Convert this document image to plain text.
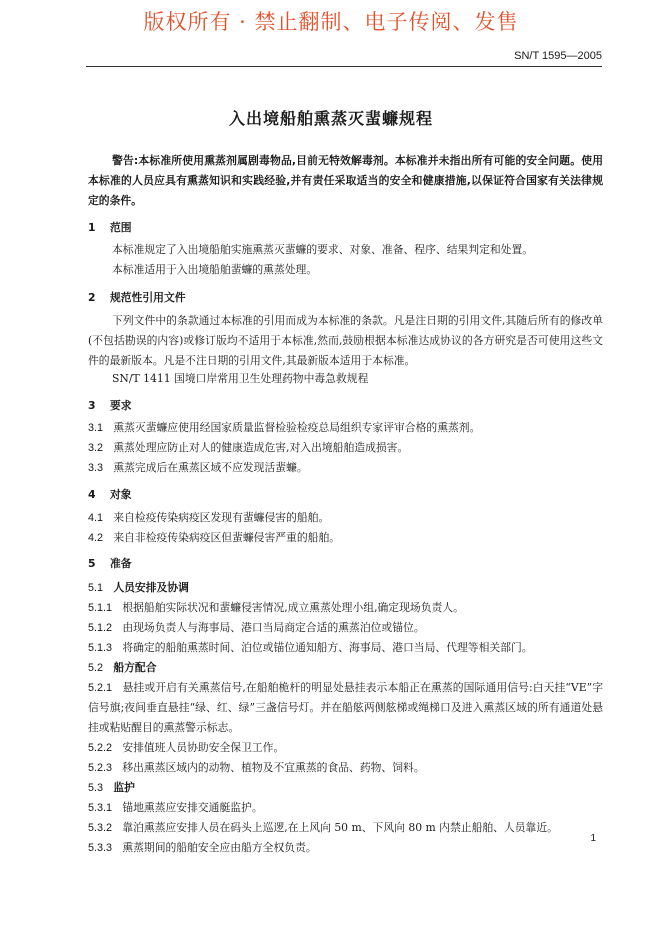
版权所有 · 禁止翻制、电子传阅、发售
SN/T 1595—2005
入出境船舶熏蒸灭蜚蠊规程
警告:本标准所使用熏蒸剂属剧毒物品,目前无特效解毒剂。本标准并未指出所有可能的安全问题。使用本标准的人员应具有熏蒸知识和实践经验,并有责任采取适当的安全和健康措施,以保证符合国家有关法律规定的条件。
1 范围
本标准规定了入出境船舶实施熏蒸灭蜚蠊的要求、对象、准备、程序、结果判定和处置。
本标准适用于入出境船舶蜚蠊的熏蒸处理。
2 规范性引用文件
下列文件中的条款通过本标准的引用而成为本标准的条款。凡是注日期的引用文件,其随后所有的修改单(不包括勘误的内容)或修订版均不适用于本标准,然而,鼓励根据本标准达成协议的各方研究是否可使用这些文件的最新版本。凡是不注日期的引用文件,其最新版本适用于本标准。
SN/T 1411 国境口岸常用卫生处理药物中毒急救规程
3 要求
3.1 熏蒸灭蜚蠊应使用经国家质量监督检验检疫总局组织专家评审合格的熏蒸剂。
3.2 熏蒸处理应防止对人的健康造成危害,对入出境船舶造成损害。
3.3 熏蒸完成后在熏蒸区域不应发现活蜚蠊。
4 对象
4.1 来自检疫传染病疫区发现有蜚蠊侵害的船舶。
4.2 来自非检疫传染病疫区但蜚蠊侵害严重的船舶。
5 准备
5.1 人员安排及协调
5.1.1 根据船舶实际状况和蜚蠊侵害情况,成立熏蒸处理小组,确定现场负责人。
5.1.2 由现场负责人与海事局、港口当局商定合适的熏蒸泊位或锚位。
5.1.3 将确定的船舶熏蒸时间、泊位或锚位通知船方、海事局、港口当局、代理等相关部门。
5.2 船方配合
5.2.1 悬挂或开启有关熏蒸信号,在船舶桅杆的明显处悬挂表示本船正在熏蒸的国际通用信号:白天挂“VE”字信号旗;夜间垂直悬挂“绿、红、绿”三盏信号灯。并在船舷两侧舷梯或绳梯口及进入熏蒸区域的所有通道处悬挂或粘贴醒目的熏蒸警示标志。
5.2.2 安排值班人员协助安全保卫工作。
5.2.3 移出熏蒸区域内的动物、植物及不宜熏蒸的食品、药物、饲料。
5.3 监护
5.3.1 锚地熏蒸应安排交通艇监护。
5.3.2 靠泊熏蒸应安排人员在码头上巡逻,在上风向 50 m、下风向 80 m 内禁止船舶、人员靠近。
5.3.3 熏蒸期间的船舶安全应由船方全权负责。
1
